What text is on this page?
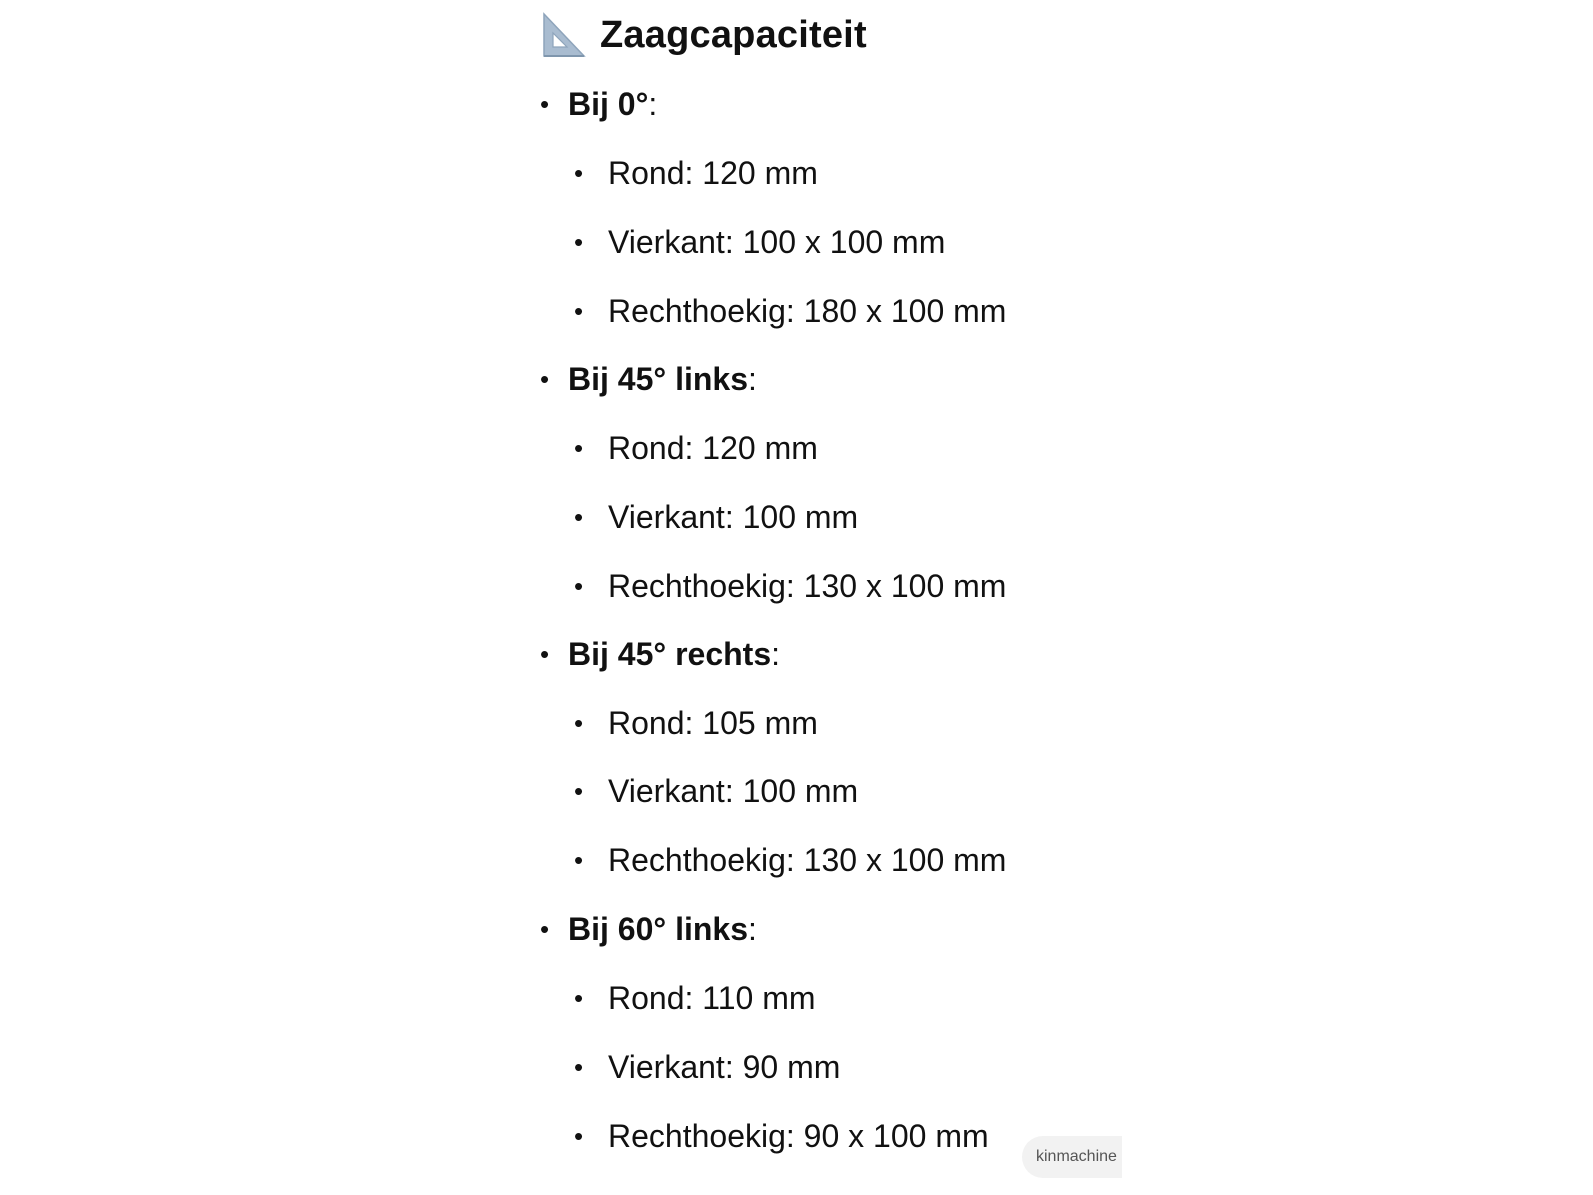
Zaagcapaciteit
• Bij 0°:
• Rond: 120 mm
• Vierkant: 100 x 100 mm
• Rechthoekig: 180 x 100 mm
• Bij 45° links:
• Rond: 120 mm
• Vierkant: 100 mm
• Rechthoekig: 130 x 100 mm
• Bij 45° rechts:
• Rond: 105 mm
• Vierkant: 100 mm
• Rechthoekig: 130 x 100 mm
• Bij 60° links:
• Rond: 110 mm
• Vierkant: 90 mm
• Rechthoekig: 90 x 100 mm
kinmachine
